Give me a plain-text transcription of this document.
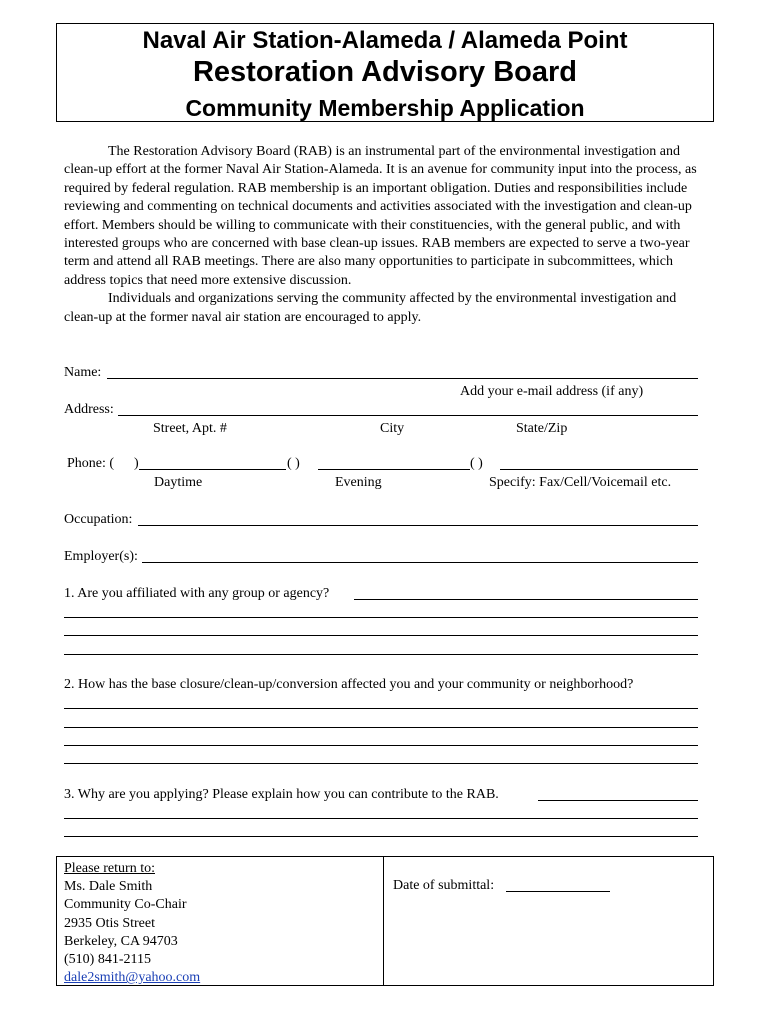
Naval Air Station-Alameda / Alameda Point
Restoration Advisory Board
Community Membership Application

The Restoration Advisory Board (RAB) is an instrumental part of the environmental investigation and clean-up effort at the former Naval Air Station-Alameda. It is an avenue for community input into the process, as required by federal regulation. RAB membership is an important obligation. Duties and responsibilities include reviewing and commenting on technical documents and activities associated with the investigation and clean-up effort. Members should be willing to communicate with their constituencies, with the general public, and with interested groups who are concerned with base clean-up issues. RAB members are expected to serve a two-year term and attend all RAB meetings. There are also many opportunities to participate in subcommittees, which address topics that need more extensive discussion.

Individuals and organizations serving the community affected by the environmental investigation and clean-up at the former naval air station are encouraged to apply.

Name:
Add your e-mail address (if any)
Address:
Street, Apt. #	City	State/Zip
Phone: ( )	( )	( )
Daytime	Evening	Specify: Fax/Cell/Voicemail etc.
Occupation:
Employer(s):
1. Are you affiliated with any group or agency?
2. How has the base closure/clean-up/conversion affected you and your community or neighborhood?
3. Why are you applying? Please explain how you can contribute to the RAB.
Please return to:
Ms. Dale Smith
Community Co-Chair
2935 Otis Street
Berkeley, CA 94703
(510) 841-2115
dale2smith@yahoo.com
Date of submittal:
